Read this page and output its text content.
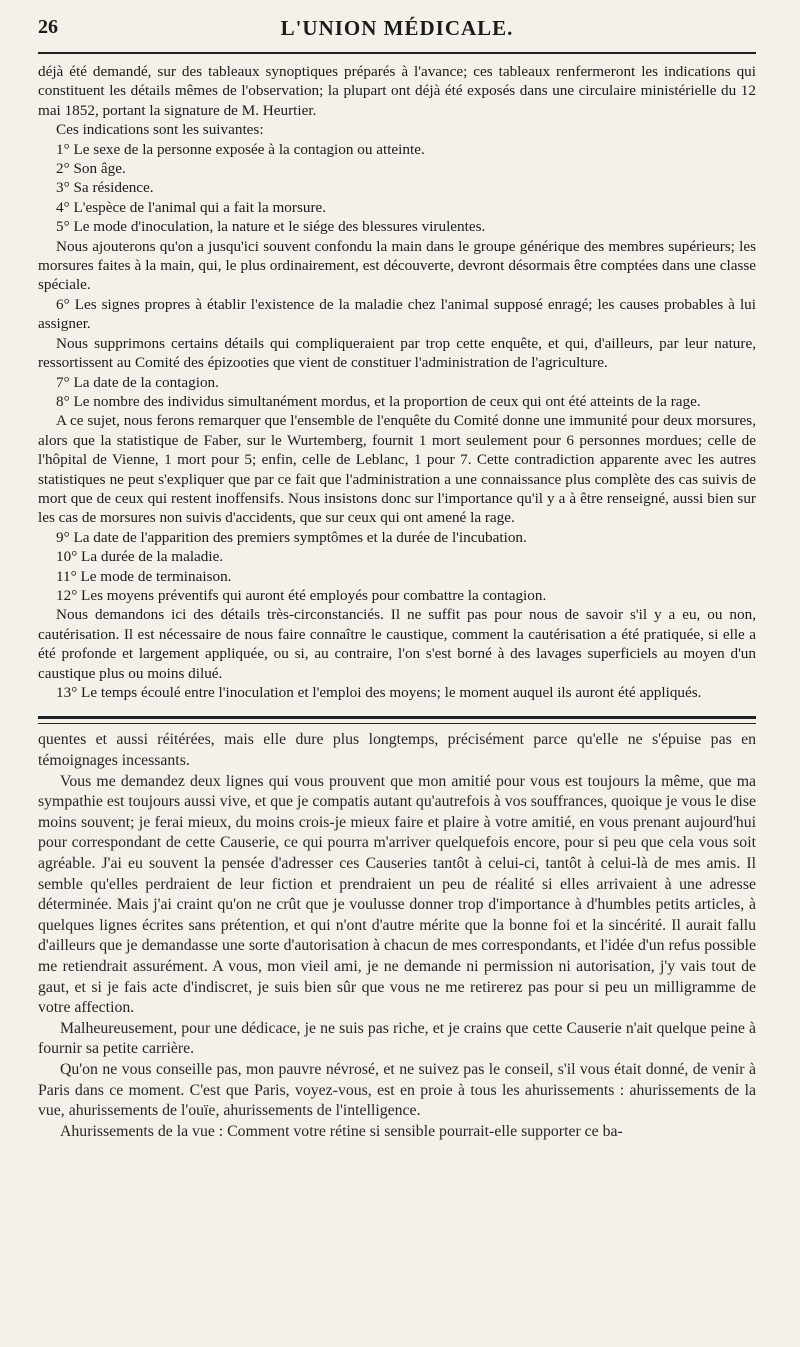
26	L'UNION MÉDICALE.

déjà été demandé, sur des tableaux synoptiques préparés à l'avance; ces tableaux renfermeront les indications qui constituent les détails mêmes de l'observation; la plupart ont déjà été exposés dans une circulaire ministérielle du 12 mai 1852, portant la signature de M. Heurtier.

Ces indications sont les suivantes:

1° Le sexe de la personne exposée à la contagion ou atteinte.

2° Son âge.

3° Sa résidence.

4° L'espèce de l'animal qui a fait la morsure.

5° Le mode d'inoculation, la nature et le siége des blessures virulentes.

Nous ajouterons qu'on a jusqu'ici souvent confondu la main dans le groupe générique des membres supérieurs; les morsures faites à la main, qui, le plus ordinairement, est découverte, devront désormais être comptées dans une classe spéciale.

6° Les signes propres à établir l'existence de la maladie chez l'animal supposé enragé; les causes probables à lui assigner.

Nous supprimons certains détails qui compliqueraient par trop cette enquête, et qui, d'ailleurs, par leur nature, ressortissent au Comité des épizooties que vient de constituer l'administration de l'agriculture.

7° La date de la contagion.

8° Le nombre des individus simultanément mordus, et la proportion de ceux qui ont été atteints de la rage.

A ce sujet, nous ferons remarquer que l'ensemble de l'enquête du Comité donne une immunité pour deux morsures, alors que la statistique de Faber, sur le Wurtemberg, fournit 1 mort seulement pour 6 personnes mordues; celle de l'hôpital de Vienne, 1 mort pour 5; enfin, celle de Leblanc, 1 pour 7. Cette contradiction apparente avec les autres statistiques ne peut s'expliquer que par ce fait que l'administration a une connaissance plus complète des cas suivis de mort que de ceux qui restent inoffensifs. Nous insistons donc sur l'importance qu'il y a à être renseigné, aussi bien sur les cas de morsures non suivis d'accidents, que sur ceux qui ont amené la rage.

9° La date de l'apparition des premiers symptômes et la durée de l'incubation.

10° La durée de la maladie.

11° Le mode de terminaison.

12° Les moyens préventifs qui auront été employés pour combattre la contagion.

Nous demandons ici des détails très-circonstanciés. Il ne suffit pas pour nous de savoir s'il y a eu, ou non, cautérisation. Il est nécessaire de nous faire connaître le caustique, comment la cautérisation a été pratiquée, si elle a été profonde et largement appliquée, ou si, au contraire, l'on s'est borné à des lavages superficiels au moyen d'un caustique plus ou moins dilué.

13° Le temps écoulé entre l'inoculation et l'emploi des moyens; le moment auquel ils auront été appliqués.

quentes et aussi réitérées, mais elle dure plus longtemps, précisément parce qu'elle ne s'épuise pas en témoignages incessants.

Vous me demandez deux lignes qui vous prouvent que mon amitié pour vous est toujours la même, que ma sympathie est toujours aussi vive, et que je compatis autant qu'autrefois à vos souffrances, quoique je vous le dise moins souvent; je ferai mieux, du moins crois-je mieux faire et plaire à votre amitié, en vous prenant aujourd'hui pour correspondant de cette Causerie, ce qui pourra m'arriver quelquefois encore, pour si peu que cela vous soit agréable. J'ai eu souvent la pensée d'adresser ces Causeries tantôt à celui-ci, tantôt à celui-là de mes amis. Il semble qu'elles perdraient de leur fiction et prendraient un peu de réalité si elles arrivaient à une adresse déterminée. Mais j'ai craint qu'on ne crût que je voulusse donner trop d'importance à d'humbles petits articles, à quelques lignes écrites sans prétention, et qui n'ont d'autre mérite que la bonne foi et la sincérité. Il aurait fallu d'ailleurs que je demandasse une sorte d'autorisation à chacun de mes correspondants, et l'idée d'un refus possible me retiendrait assurément. A vous, mon vieil ami, je ne demande ni permission ni autorisation, j'y vais tout de gaut, et si je fais acte d'indiscret, je suis bien sûr que vous ne me retirerez pas pour si peu un milligramme de votre affection.

Malheureusement, pour une dédicace, je ne suis pas riche, et je crains que cette Causerie n'ait quelque peine à fournir sa petite carrière.

Qu'on ne vous conseille pas, mon pauvre névrosé, et ne suivez pas le conseil, s'il vous était donné, de venir à Paris dans ce moment. C'est que Paris, voyez-vous, est en proie à tous les ahurissements : ahurissements de la vue, ahurissements de l'ouïe, ahurissements de l'intelligence.

Ahurissements de la vue : Comment votre rétine si sensible pourrait-elle supporter ce ba-
